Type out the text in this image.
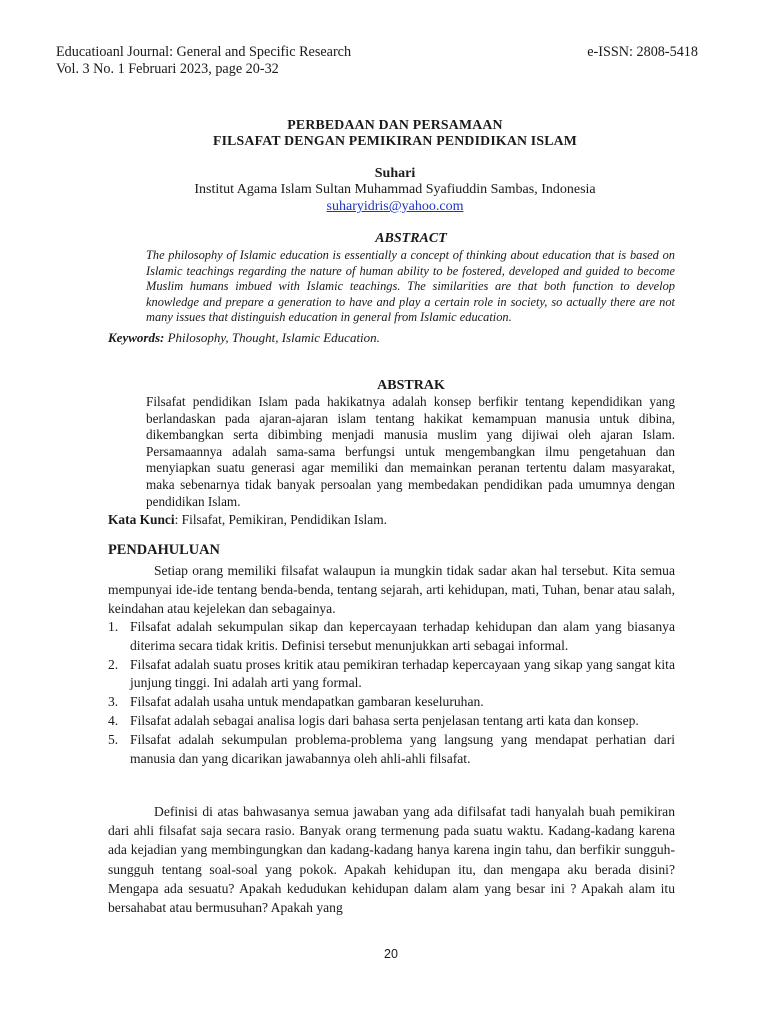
Educatioanl Journal: General and Specific Research	e-ISSN: 2808-5418
Vol. 3 No. 1 Februari 2023, page 20-32
PERBEDAAN DAN PERSAMAAN
FILSAFAT DENGAN PEMIKIRAN PENDIDIKAN ISLAM
Suhari
Institut Agama Islam Sultan Muhammad Syafiuddin Sambas, Indonesia
suharyidris@yahoo.com
ABSTRACT
The philosophy of Islamic education is essentially a concept of thinking about education that is based on Islamic teachings regarding the nature of human ability to be fostered, developed and guided to become Muslim humans imbued with Islamic teachings. The similarities are that both function to develop knowledge and prepare a generation to have and play a certain role in society, so actually there are not many issues that distinguish education in general from Islamic education.
Keywords: Philosophy, Thought, Islamic Education.
ABSTRAK
Filsafat pendidikan Islam pada hakikatnya adalah konsep berfikir tentang kependidikan yang berlandaskan pada ajaran-ajaran islam tentang hakikat kemampuan manusia untuk dibina, dikembangkan serta dibimbing menjadi manusia muslim yang dijiwai oleh ajaran Islam. Persamaannya adalah sama-sama berfungsi untuk mengembangkan ilmu pengetahuan dan menyiapkan suatu generasi agar memiliki dan memainkan peranan tertentu dalam masyarakat, maka sebenarnya tidak banyak persoalan yang membedakan pendidikan pada umumnya dengan pendidikan Islam.
Kata Kunci: Filsafat, Pemikiran, Pendidikan Islam.
PENDAHULUAN
Setiap orang memiliki filsafat walaupun ia mungkin tidak sadar akan hal tersebut. Kita semua mempunyai ide-ide tentang benda-benda, tentang sejarah, arti kehidupan, mati, Tuhan, benar atau salah, keindahan atau kejelekan dan sebagainya.
1. Filsafat adalah sekumpulan sikap dan kepercayaan terhadap kehidupan dan alam yang biasanya diterima secara tidak kritis. Definisi tersebut menunjukkan arti sebagai informal.
2. Filsafat adalah suatu proses kritik atau pemikiran terhadap kepercayaan yang sikap yang sangat kita junjung tinggi. Ini adalah arti yang formal.
3. Filsafat adalah usaha untuk mendapatkan gambaran keseluruhan.
4. Filsafat adalah sebagai analisa logis dari bahasa serta penjelasan tentang arti kata dan konsep.
5. Filsafat adalah sekumpulan problema-problema yang langsung yang mendapat perhatian dari manusia dan yang dicarikan jawabannya oleh ahli-ahli filsafat.
Definisi di atas bahwasanya semua jawaban yang ada difilsafat tadi hanyalah buah pemikiran dari ahli filsafat saja secara rasio. Banyak orang termenung pada suatu waktu. Kadang-kadang karena ada kejadian yang membingungkan dan kadang-kadang hanya karena ingin tahu, dan berfikir sungguh-sungguh tentang soal-soal yang pokok. Apakah kehidupan itu, dan mengapa aku berada disini? Mengapa ada sesuatu? Apakah kedudukan kehidupan dalam alam yang besar ini ? Apakah alam itu bersahabat atau bermusuhan? Apakah yang
20
